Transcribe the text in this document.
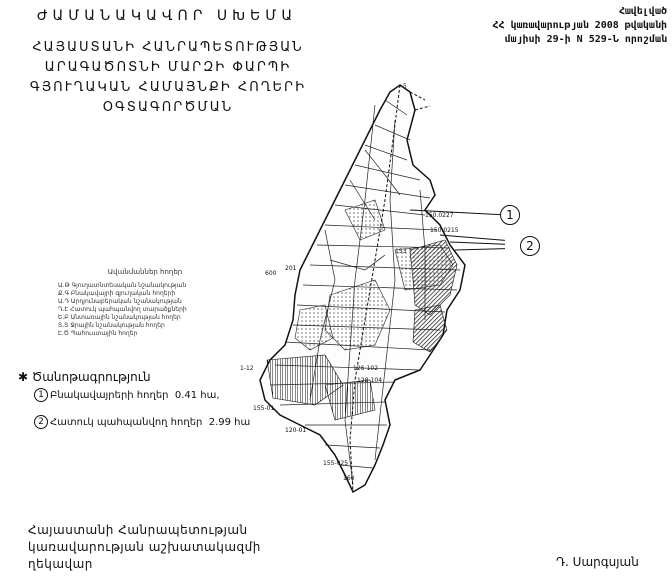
ԺԱՄԱՆԱԿԱՎՈՐ ՍԽԵՄԱ
ՀԱՅԱՍՏԱՆԻ ՀԱՆՐԱՊԵՏՈՒԹՅԱՆ
ԱՐԱԳԱԾՈՏՆԻ ՄԱՐԶԻ ՓԱՐՊԻ
ԳՅՈՒՂԱԿԱՆ ՀԱՄԱՅՆՔԻ ՀՈՂԵՐԻ
ՕԳՏԱԳՈՐԾՄԱՆ
Հավելված
ՀՀ կառավարության 2008 թվականի
մայիսի 29-ի N 529-Ն որոշման
Ավանմաններ հողեր
Ա.Թ Գյուղատնտեսական նշանակության
Ք.Գ Բնակավայրի գյուղական հողերի
Ա.Դ Արդյունաբերական նշանակության
Դ.Է Հատուկ պահպանվող տարածքների
Ե.Բ Անտառային նշանակության հողեր
Տ.Տ Ջրային նշանակության հողեր
Է.Ծ Պահուստային հողեր
✱ Ծանոթագրություն
1 Բնակավայրերի հողեր 0.41 hա,
2 Հատուկ պահպանվող հողեր 2.99 hա
150.0227
150.0215
153
600
201
126-102
128-104
1-12
155-025
155-01
160
120-01
5
1
2
Հայաստանի Հանրապետության
կառավարության աշխատակազմի
ղեկավար	Դ. Սարգսյան
